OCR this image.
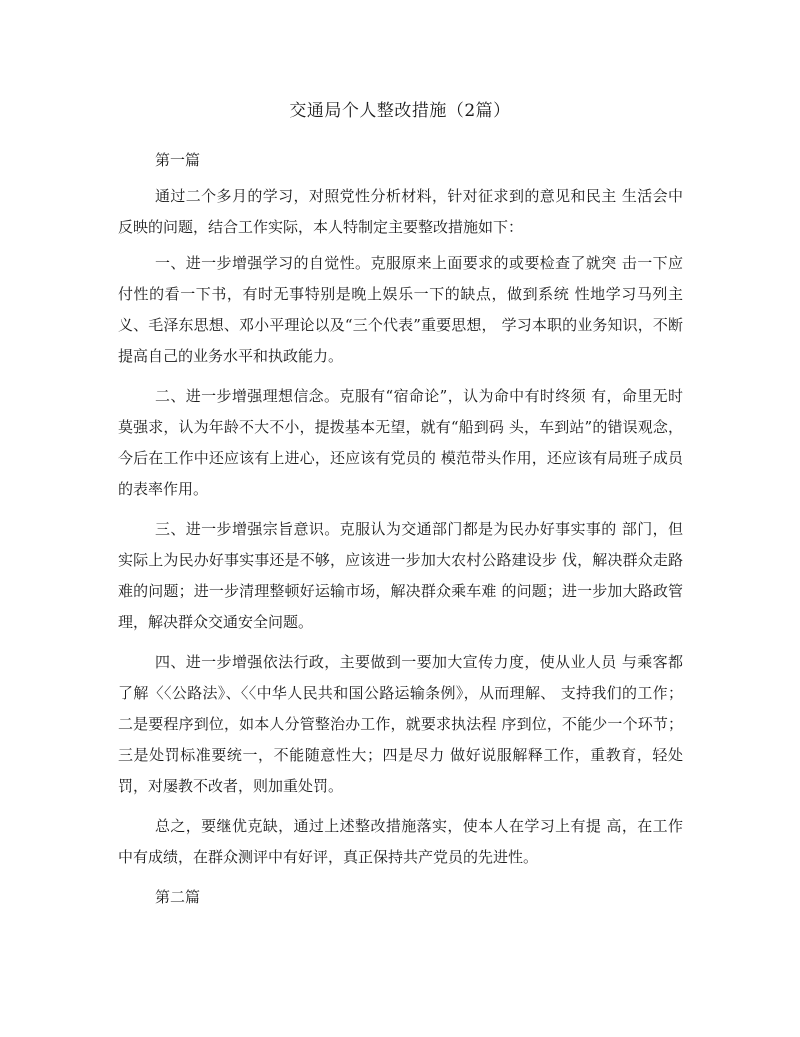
交通局个人整改措施（2篇）
第一篇

通过二个多月的学习，对照党性分析材料，针对征求到的意见和民主 生活会中反映的问题，结合工作实际，本人特制定主要整改措施如下：

一、进一步增强学习的自觉性。克服原来上面要求的或要检查了就突 击一下应付性的看一下书，有时无事特别是晚上娱乐一下的缺点，做到系统 性地学习马列主义、毛泽东思想、邓小平理论以及“三个代表”重要思想， 学习本职的业务知识，不断提高自己的业务水平和执政能力。

二、进一步增强理想信念。克服有“宿命论”，认为命中有时终须 有，命里无时莫强求，认为年龄不大不小，提拨基本无望，就有“船到码 头，车到站”的错误观念，今后在工作中还应该有上进心，还应该有党员的 模范带头作用，还应该有局班子成员的表率作用。

三、进一步增强宗旨意识。克服认为交通部门都是为民办好事实事的 部门，但实际上为民办好事实事还是不够，应该进一步加大农村公路建设步 伐，解决群众走路难的问题；进一步清理整顿好运输市场，解决群众乘车难 的问题；进一步加大路政管理，解决群众交通安全问题。

四、进一步增强依法行政，主要做到一要加大宣传力度，使从业人员 与乘客都了解〈〈公路法》、〈〈中华人民共和国公路运输条例》，从而理解、 支持我们的工作；二是要程序到位，如本人分管整治办工作，就要求执法程 序到位，不能少一个环节；三是处罚标准要统一，不能随意性大；四是尽力 做好说服解释工作，重教育，轻处罚，对屡教不改者，则加重处罚。

总之，要继优克缺，通过上述整改措施落实，使本人在学习上有提 高，在工作中有成绩，在群众测评中有好评，真正保持共产党员的先进性。

第二篇
